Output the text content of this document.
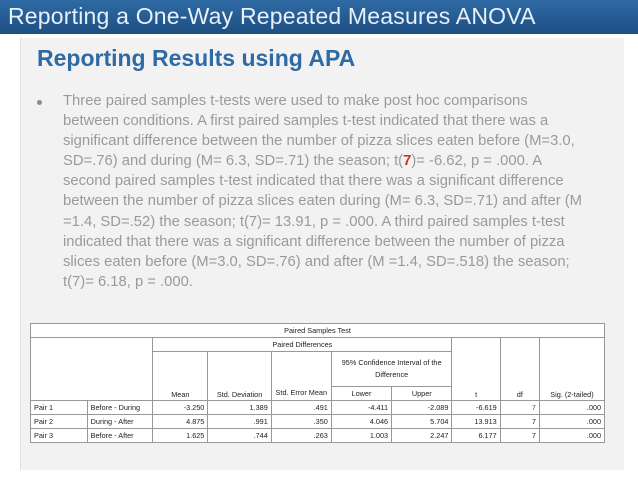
Reporting a One-Way Repeated Measures ANOVA
Reporting Results using APA
Three paired samples t-tests were used to make post hoc comparisons between conditions. A first paired samples t-test indicated that there was a significant difference between the number of pizza slices eaten before (M=3.0, SD=.76) and during (M= 6.3, SD=.71) the season; t(7)= -6.62, p = .000. A second paired samples t-test indicated that there was a significant difference between the number of pizza slices eaten during (M= 6.3, SD=.71) and after (M =1.4, SD=.52) the season; t(7)= 13.91, p = .000. A third paired samples t-test indicated that there was a significant difference between the number of pizza slices eaten before (M=3.0, SD=.76) and after (M =1.4, SD=.518) the season; t(7)= 6.18, p = .000.
Paired Samples Test									
		Paired Differences					t	df	Sig. (2-tailed)
		Mean	Std. Deviation	Std. Error Mean	95% Confidence Interval of the Difference				
					Lower	Upper			
Pair 1	Before - During	-3.250	1.389	.491	-4.411	-2.089	-6.619	7	.000
Pair 2	During - After	4.875	.991	.350	4.046	5.704	13.913	7	.000
Pair 3	Before - After	1.625	.744	.263	1.003	2.247	6.177	7	.000
